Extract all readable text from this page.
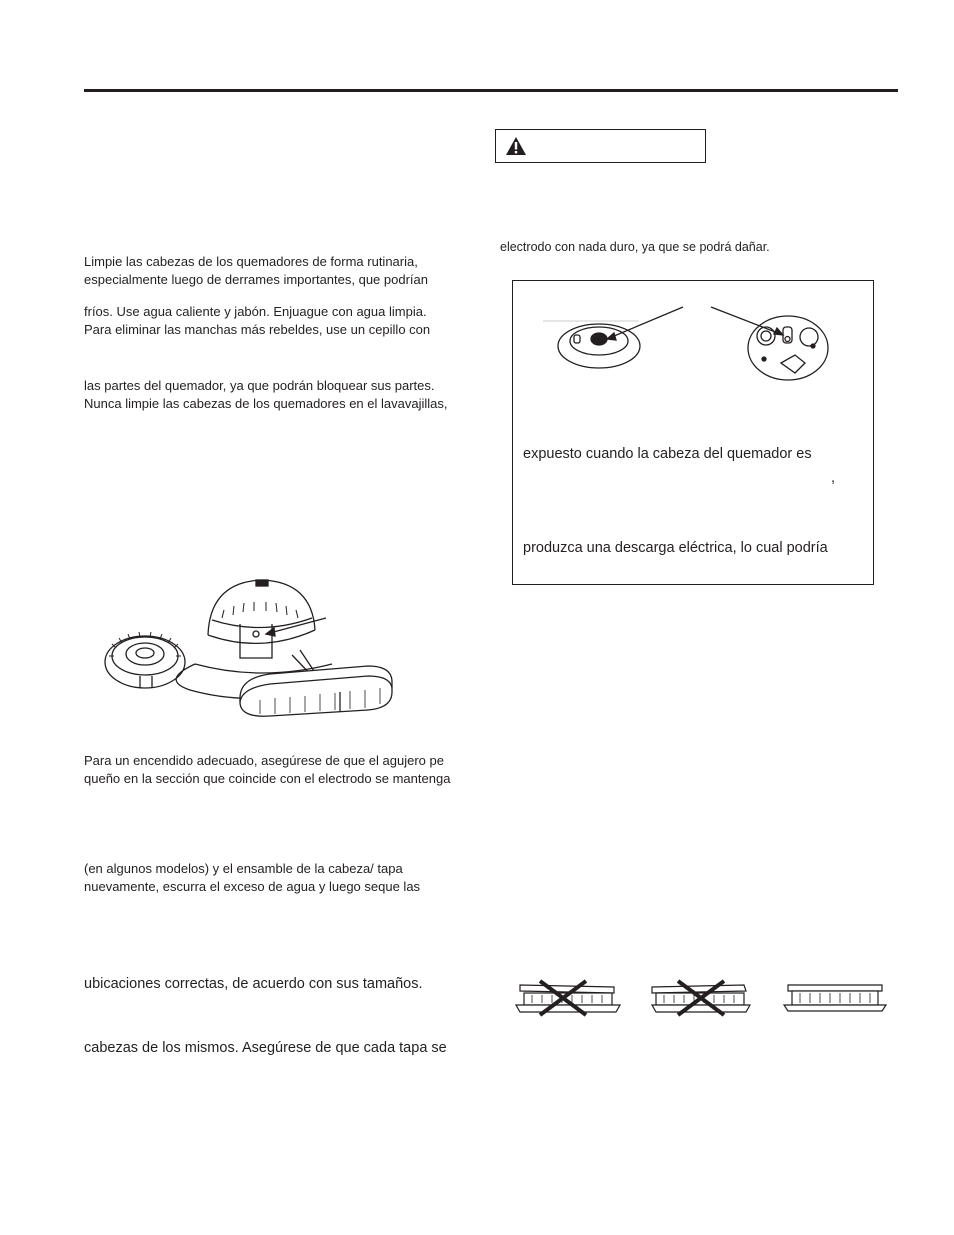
Limpie las cabezas de los quemadores de forma rutinaria,
especialmente luego de derrames importantes, que podrían
fríos. Use agua caliente y jabón. Enjuague con agua limpia.
Para eliminar las manchas más rebeldes, use un cepillo con
las partes del quemador, ya que podrán bloquear sus partes.
Nunca limpie las cabezas de los quemadores en el lavavajillas,
Para un encendido adecuado, asegúrese de que el agujero pe
queño en la sección que coincide con el electrodo se mantenga
(en algunos modelos) y el ensamble de la cabeza/ tapa
nuevamente, escurra el exceso de agua y luego seque las
ubicaciones correctas, de acuerdo con sus tamaños.
cabezas de los mismos. Asegúrese de que cada tapa se
electrodo con nada duro, ya que se podrá dañar.
expuesto cuando la cabeza del quemador es
,
produzca una descarga eléctrica, lo cual podría
